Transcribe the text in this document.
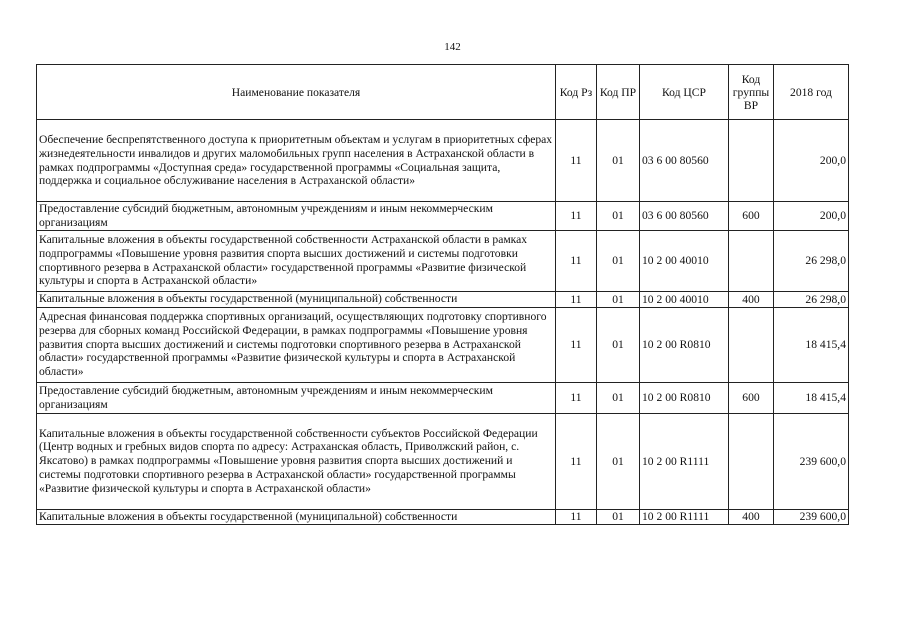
142
Наименование показателя	Код Рз	Код ПР	Код ЦСР	Код группы ВР	2018 год
Обеспечение беспрепятственного доступа к приоритетным объектам и услугам в приоритетных сферах жизнедеятельности инвалидов и других маломобильных групп населения в Астраханской области в рамках подпрограммы «Доступная среда» государственной программы «Социальная защита, поддержка и социальное обслуживание населения в Астраханской области»	11	01	03 6 00 80560		200,0
Предоставление субсидий бюджетным, автономным учреждениям и иным некоммерческим организациям	11	01	03 6 00 80560	600	200,0
Капитальные вложения в объекты государственной собственности Астраханской области в рамках подпрограммы «Повышение уровня развития спорта высших достижений и системы подготовки спортивного резерва в Астраханской области» государственной программы «Развитие физической культуры и спорта в Астраханской области»	11	01	10 2 00 40010		26 298,0
Капитальные вложения в объекты государственной (муниципальной) собственности	11	01	10 2 00 40010	400	26 298,0
Адресная финансовая поддержка спортивных организаций, осуществляющих подготовку спортивного резерва для сборных команд Российской Федерации, в рамках подпрограммы «Повышение уровня развития спорта высших достижений и системы подготовки спортивного резерва в Астраханской области» государственной программы «Развитие физической культуры и спорта в Астраханской области»	11	01	10 2 00 R0810		18 415,4
Предоставление субсидий бюджетным, автономным учреждениям и иным некоммерческим организациям	11	01	10 2 00 R0810	600	18 415,4
Капитальные вложения в объекты государственной собственности субъектов Российской Федерации (Центр водных и гребных видов спорта по адресу: Астраханская область, Приволжский район, с. Яксатово) в рамках подпрограммы «Повышение уровня развития спорта высших достижений и системы подготовки спортивного резерва в Астраханской области» государственной программы «Развитие физической культуры и спорта в Астраханской области»	11	01	10 2 00 R1111		239 600,0
Капитальные вложения в объекты государственной (муниципальной) собственности	11	01	10 2 00 R1111	400	239 600,0
